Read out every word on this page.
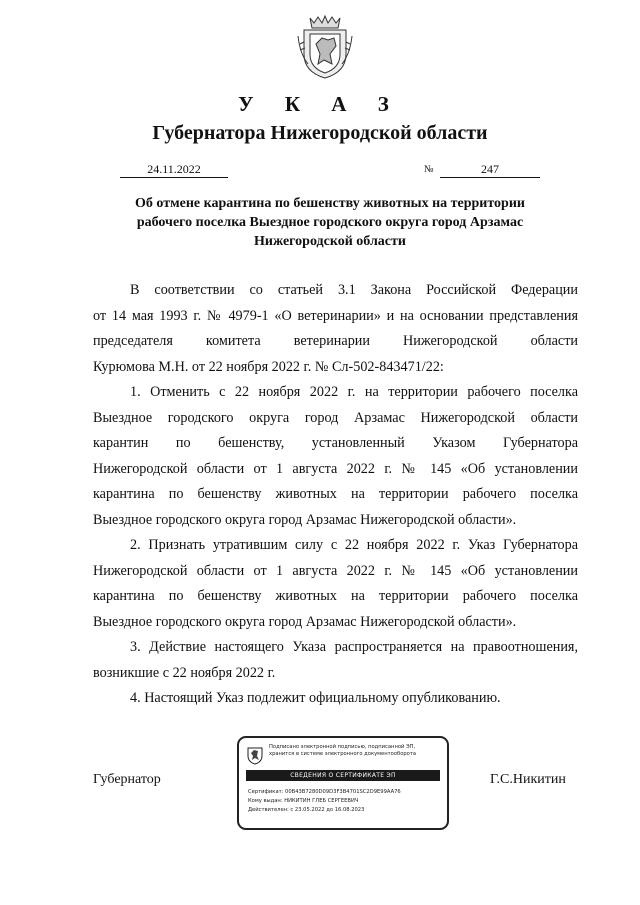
У К А З
Губернатора Нижегородской области
24.11.2022	№	247
Об отмене карантина по бешенству животных на территории
рабочего поселка Выездное городского округа город Арзамас
Нижегородской области

В соответствии со статьей 3.1 Закона Российской Федерации
от 14 мая 1993 г. № 4979-1 «О ветеринарии» и на основании представления
председателя комитета ветеринарии Нижегородской области
Курюмова М.Н. от 22 ноября 2022 г. № Сл-502-843471/22:

1. Отменить с 22 ноября 2022 г. на территории рабочего поселка
Выездное городского округа город Арзамас Нижегородской области
карантин по бешенству, установленный Указом Губернатора
Нижегородской области от 1 августа 2022 г. № 145 «Об установлении
карантина по бешенству животных на территории рабочего поселка
Выездное городского округа город Арзамас Нижегородской области».

2. Признать утратившим силу с 22 ноября 2022 г. Указ Губернатора
Нижегородской области от 1 августа 2022 г. № 145 «Об установлении
карантина по бешенству животных на территории рабочего поселка
Выездное городского округа город Арзамас Нижегородской области».

3. Действие настоящего Указа распространяется на правоотношения,
возникшие с 22 ноября 2022 г.

4. Настоящий Указ подлежит официальному опубликованию.

Губернатор	Г.С.Никитин
Подписано электронной подписью, подписанной ЭП,
хранится в системе электронного документооборота
СВЕДЕНИЯ О СЕРТИФИКАТЕ ЭП
Сертификат: 00B43B7280D09D3F3B4701SC2D9E99AA76
Кому выдан: НИКИТИН ГЛЕБ СЕРГЕЕВИЧ
Действителен: с 23.05.2022 до 16.08.2023
